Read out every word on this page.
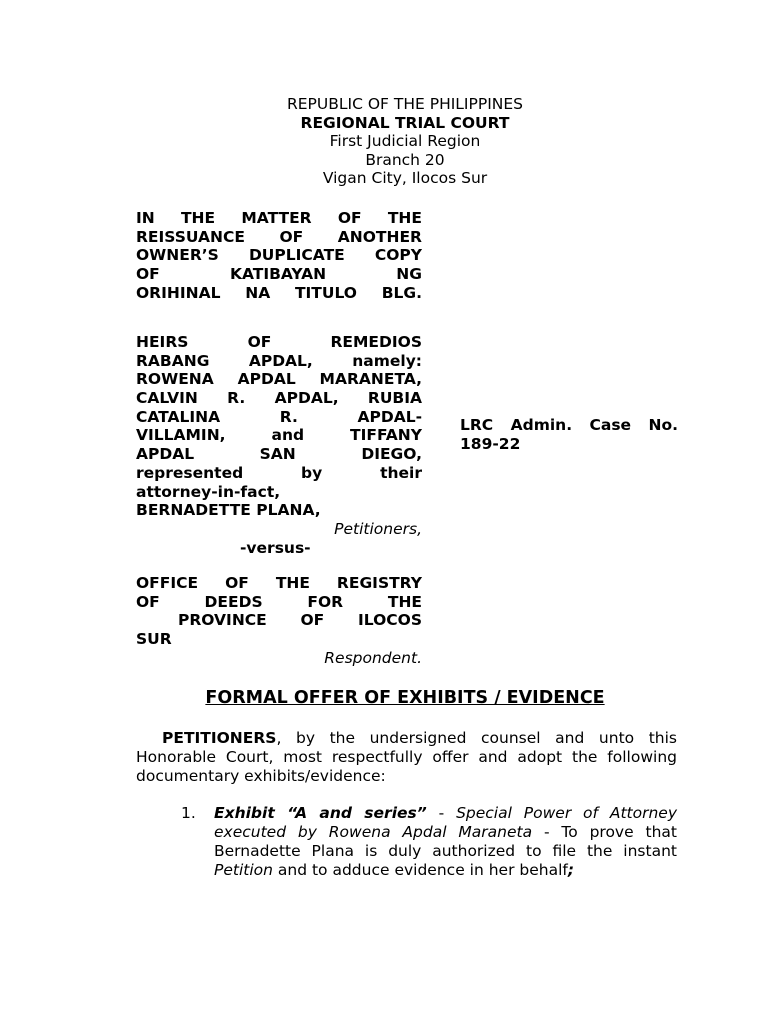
REPUBLIC OF THE PHILIPPINES
REGIONAL TRIAL COURT
First Judicial Region
Branch 20
Vigan City, Ilocos Sur
IN THE MATTER OF THE
REISSUANCE OF ANOTHER
OWNER’S DUPLICATE COPY
OF KATIBAYAN NG
ORIHINAL NA TITULO BLG.
HEIRS OF REMEDIOS
RABANG APDAL, namely:
ROWENA APDAL MARANETA,
CALVIN R. APDAL, RUBIA
CATALINA R. APDAL-
VILLAMIN, and TIFFANY
APDAL SAN DIEGO,
represented by their
attorney-in-fact,
BERNADETTE PLANA,
Petitioners,
-versus-
OFFICE OF THE REGISTRY
OF DEEDS FOR THE
PROVINCE OF ILOCOS
SUR
Respondent.
LRC Admin. Case No.
189-22
FORMAL OFFER OF EXHIBITS / EVIDENCE
PETITIONERS, by the undersigned counsel and unto this Honorable Court, most respectfully offer and adopt the following documentary exhibits/evidence:
1. Exhibit “A and series” - Special Power of Attorney executed by Rowena Apdal Maraneta - To prove that Bernadette Plana is duly authorized to file the instant Petition and to adduce evidence in her behalf;
